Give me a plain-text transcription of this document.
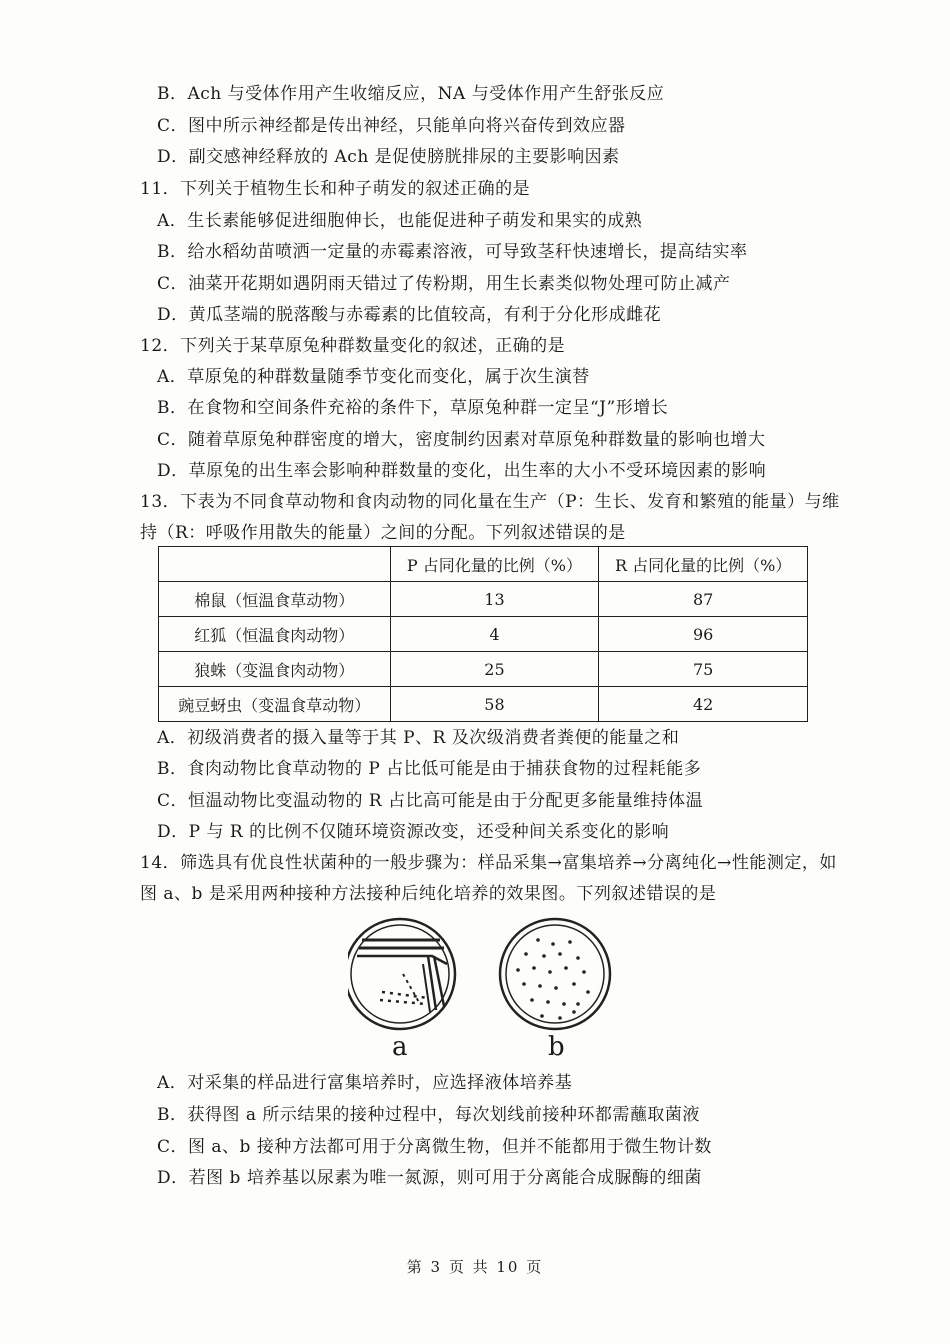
B．Ach 与受体作用产生收缩反应，NA 与受体作用产生舒张反应
C．图中所示神经都是传出神经，只能单向将兴奋传到效应器
D．副交感神经释放的 Ach 是促使膀胱排尿的主要影响因素
11．下列关于植物生长和种子萌发的叙述正确的是
A．生长素能够促进细胞伸长，也能促进种子萌发和果实的成熟
B．给水稻幼苗喷洒一定量的赤霉素溶液，可导致茎秆快速增长，提高结实率
C．油菜开花期如遇阴雨天错过了传粉期，用生长素类似物处理可防止减产
D．黄瓜茎端的脱落酸与赤霉素的比值较高，有利于分化形成雌花
12．下列关于某草原兔种群数量变化的叙述，正确的是
A．草原兔的种群数量随季节变化而变化，属于次生演替
B．在食物和空间条件充裕的条件下，草原兔种群一定呈“J”形增长
C．随着草原兔种群密度的增大，密度制约因素对草原兔种群数量的影响也增大
D．草原兔的出生率会影响种群数量的变化，出生率的大小不受环境因素的影响
13．下表为不同食草动物和食肉动物的同化量在生产（P：生长、发育和繁殖的能量）与维
持（R：呼吸作用散失的能量）之间的分配。下列叙述错误的是
	P 占同化量的比例（%）	R 占同化量的比例（%）
棉鼠（恒温食草动物）	13	87
红狐（恒温食肉动物）	4	96
狼蛛（变温食肉动物）	25	75
豌豆蚜虫（变温食草动物）	58	42
A．初级消费者的摄入量等于其 P、R 及次级消费者粪便的能量之和
B．食肉动物比食草动物的 P 占比低可能是由于捕获食物的过程耗能多
C．恒温动物比变温动物的 R 占比高可能是由于分配更多能量维持体温
D．P 与 R 的比例不仅随环境资源改变，还受种间关系变化的影响
14．筛选具有优良性状菌种的一般步骤为：样品采集→富集培养→分离纯化→性能测定，如
图 a、b 是采用两种接种方法接种后纯化培养的效果图。下列叙述错误的是
a	b
A．对采集的样品进行富集培养时，应选择液体培养基
B．获得图 a 所示结果的接种过程中，每次划线前接种环都需蘸取菌液
C．图 a、b 接种方法都可用于分离微生物，但并不能都用于微生物计数
D．若图 b 培养基以尿素为唯一氮源，则可用于分离能合成脲酶的细菌
第 3 页 共 10 页
